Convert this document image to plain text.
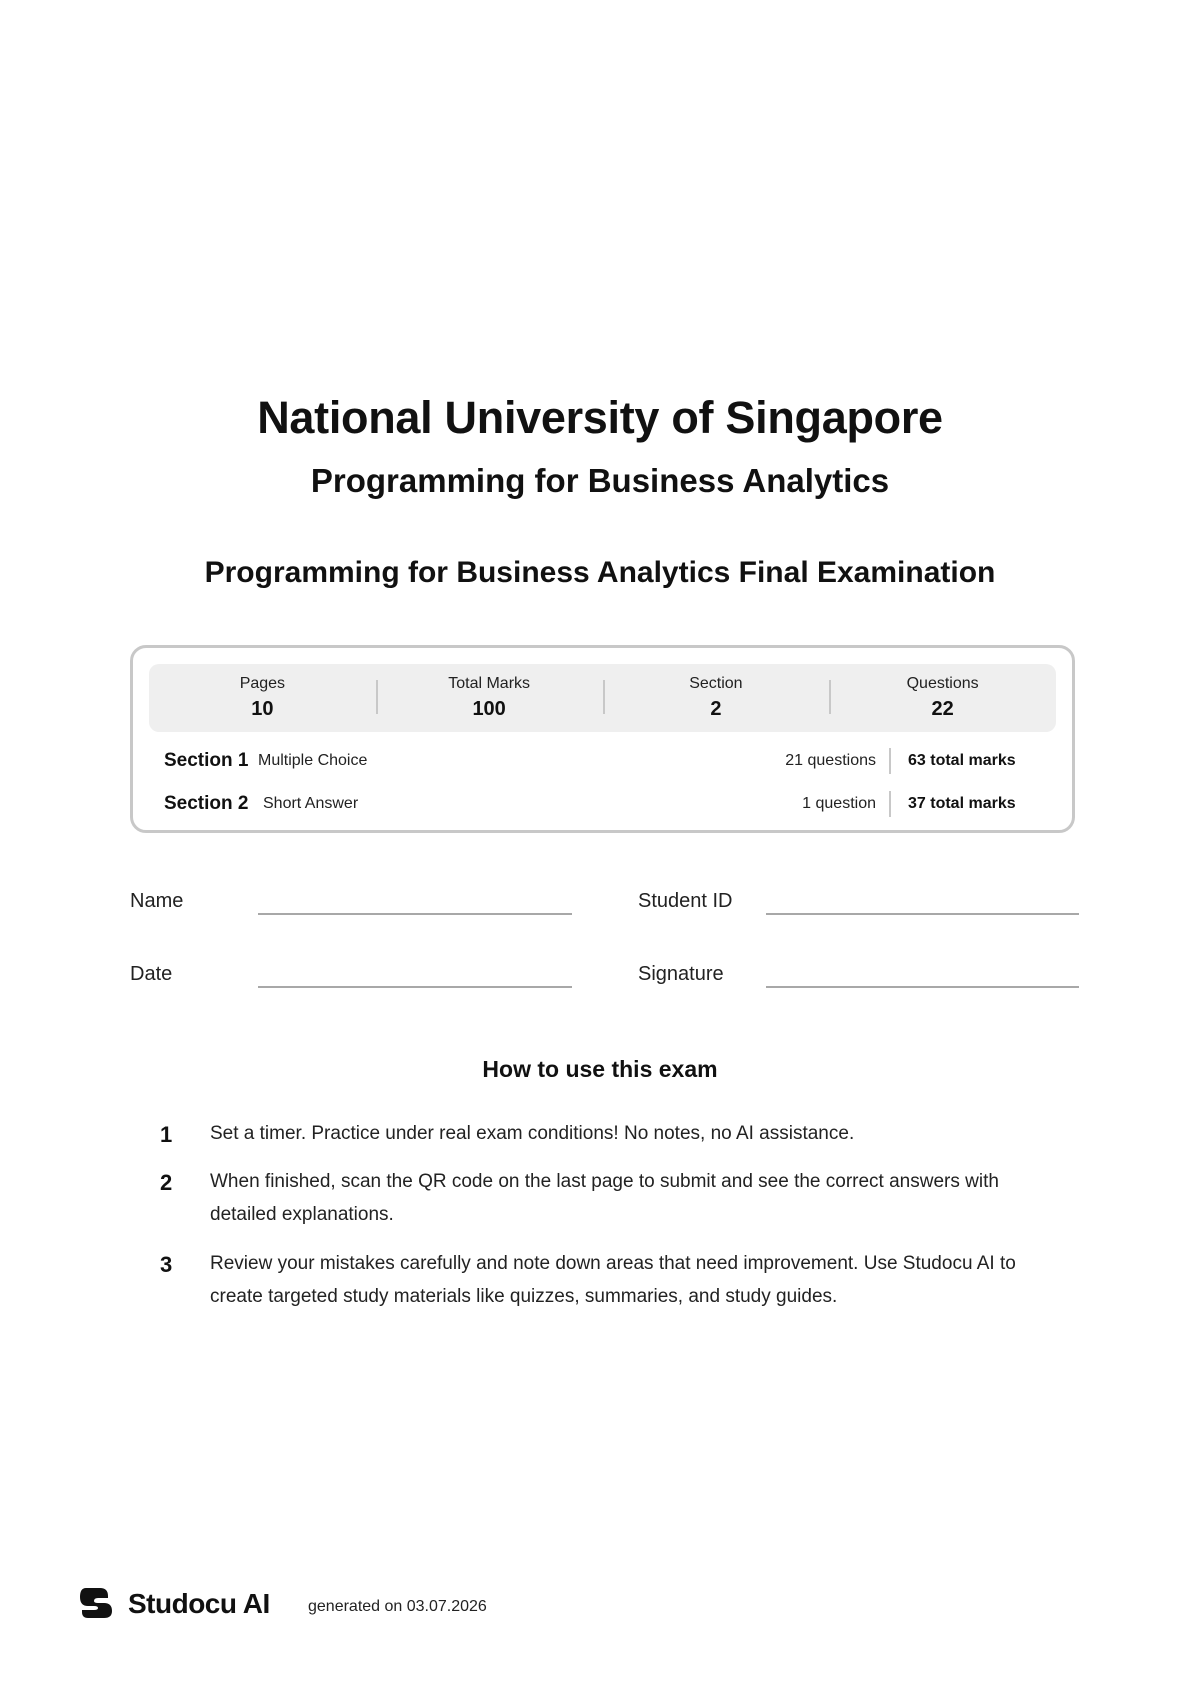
National University of Singapore
Programming for Business Analytics
Programming for Business Analytics Final Examination
Pages
10
Total Marks
100
Section
2
Questions
22
Section 1 Multiple Choice	21 questions 63 total marks
Section 2 Short Answer	1 question 37 total marks
Name	Student ID
Date	Signature
How to use this exam
1	Set a timer. Practice under real exam conditions! No notes, no AI assistance.
2	When finished, scan the QR code on the last page to submit and see the correct answers with detailed explanations.
3	Review your mistakes carefully and note down areas that need improvement. Use Studocu AI to create targeted study materials like quizzes, summaries, and study guides.
Studocu AI generated on 03.07.2026
